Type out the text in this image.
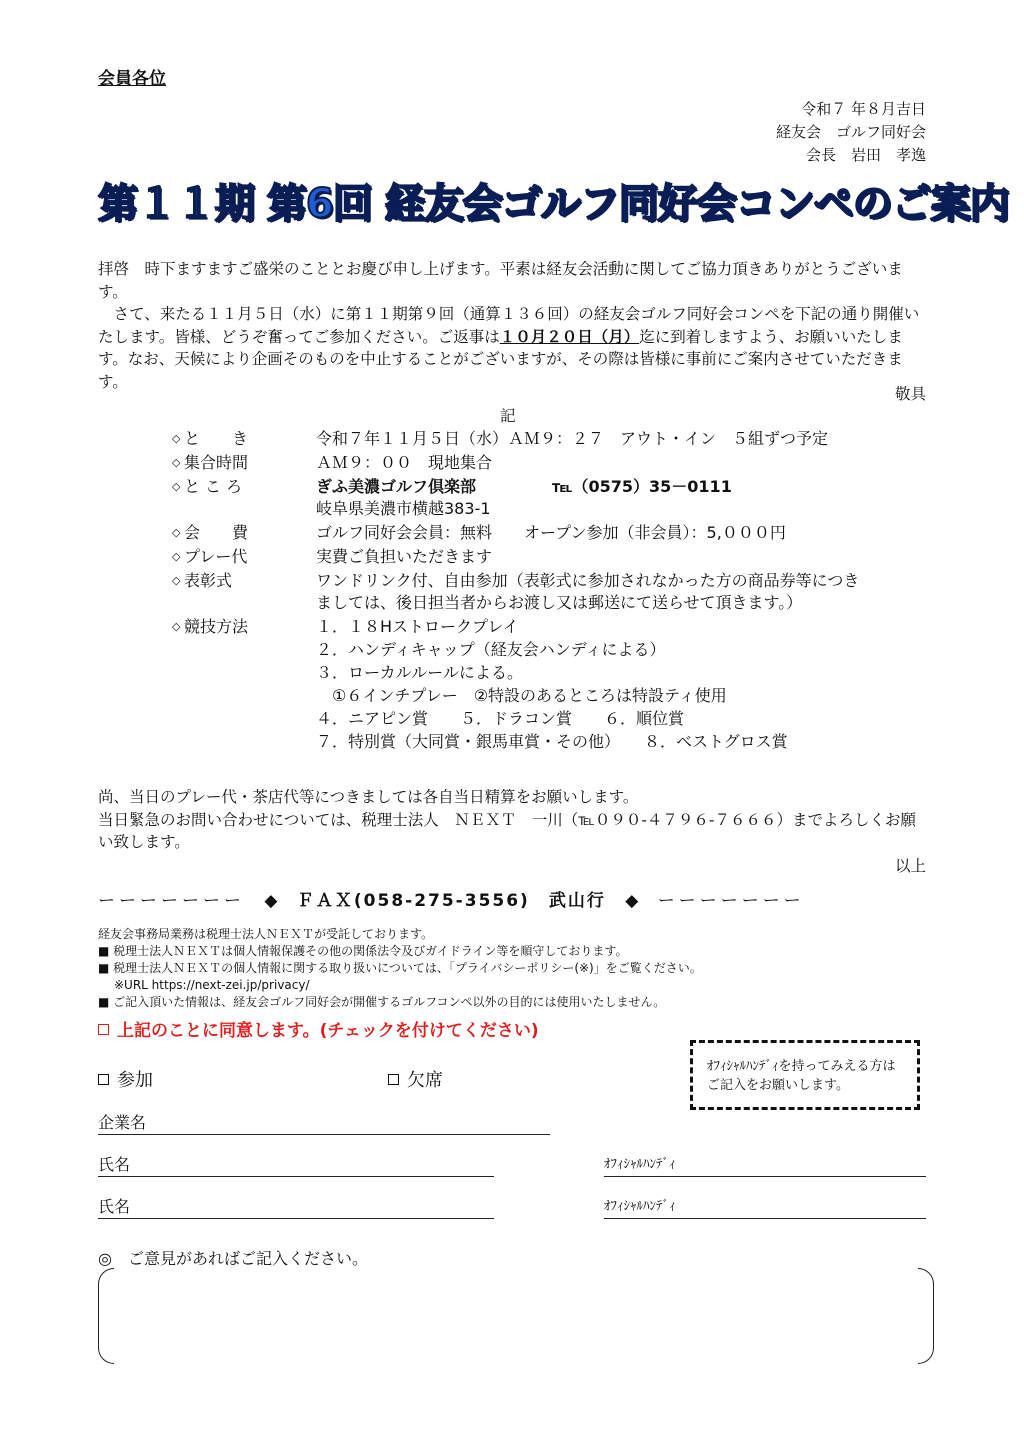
会員各位
令和７ 年８月吉日
経友会　ゴルフ同好会
会長　岩田　孝逸
第１１期 第6回 経友会ゴルフ同好会コンペのご案内

拝啓　時下ますますご盛栄のこととお慶び申し上げます。平素は経友会活動に関してご協力頂きありがとうございます。

さて、来たる１１月５日（水）に第１１期第９回（通算１３６回）の経友会ゴルフ同好会コンペを下記の通り開催いたします。皆様、どうぞ奮ってご参加ください。ご返事は１０月２０日（月）迄に到着しますよう、お願いいたします。なお、天候により企画そのものを中止することがございますが、その際は皆様に事前にご案内させていただきます。

敬具
記
◇ と　　き	令和７年１１月５日（水）ＡＭ９：２７　アウト・イン　５組ずつ予定
◇ 集合時間	ＡＭ９：００　現地集合
◇ と こ ろ	ぎふ美濃ゴルフ倶楽部	℡（0575）35－0111
岐阜県美濃市横越383-1
◇ 会　　費	ゴルフ同好会会員：無料　　オープン参加（非会員）：5,０００円
◇ プレー代	実費ご負担いただきます
◇ 表彰式	ワンドリンク付、自由参加（表彰式に参加されなかった方の商品券等につき
ましては、後日担当者からお渡し又は郵送にて送らせて頂きます。）
◇ 競技方法	１．１８Hストロークプレイ
２．ハンディキャップ（経友会ハンディによる）
３．ローカルルールによる。
　①６インチプレー　②特設のあるところは特設ティ使用
４．ニアピン賞　　５．ドラコン賞　　６．順位賞
７．特別賞（大同賞・銀馬車賞・その他）　　８．ベストグロス賞

尚、当日のプレー代・茶店代等につきましては各自当日精算をお願いします。

当日緊急のお問い合わせについては、税理士法人　ＮＥＸＴ　一川（℡０９０-４７９６-７６６６）までよろしくお願い致します。

以上
ーーーーーーー ◆ ＦＡＸ(058-275-3556)　武山行 ◆ ーーーーーーー
経友会事務局業務は税理士法人ＮＥＸＴが受託しております。
■ 税理士法人ＮＥＸＴは個人情報保護その他の関係法令及びガイドライン等を順守しております。
■ 税理士法人ＮＥＸＴの個人情報に関する取り扱いについては、「プライバシーポリシー(※)」をご覧ください。
※URL https://next-zei.jp/privacy/
■ ご記入頂いた情報は、経友会ゴルフ同好会が開催するゴルフコンペ以外の目的には使用いたしません。
上記のことに同意します。(チェックを付けてください)
参加	欠席
ｵﾌｨｼｬﾙﾊﾝﾃﾞｨを持ってみえる方はご記入をお願いします。
企業名
氏名	ｵﾌｨｼｬﾙﾊﾝﾃﾞｨ
氏名	ｵﾌｨｼｬﾙﾊﾝﾃﾞｨ
◎　ご意見があればご記入ください。
